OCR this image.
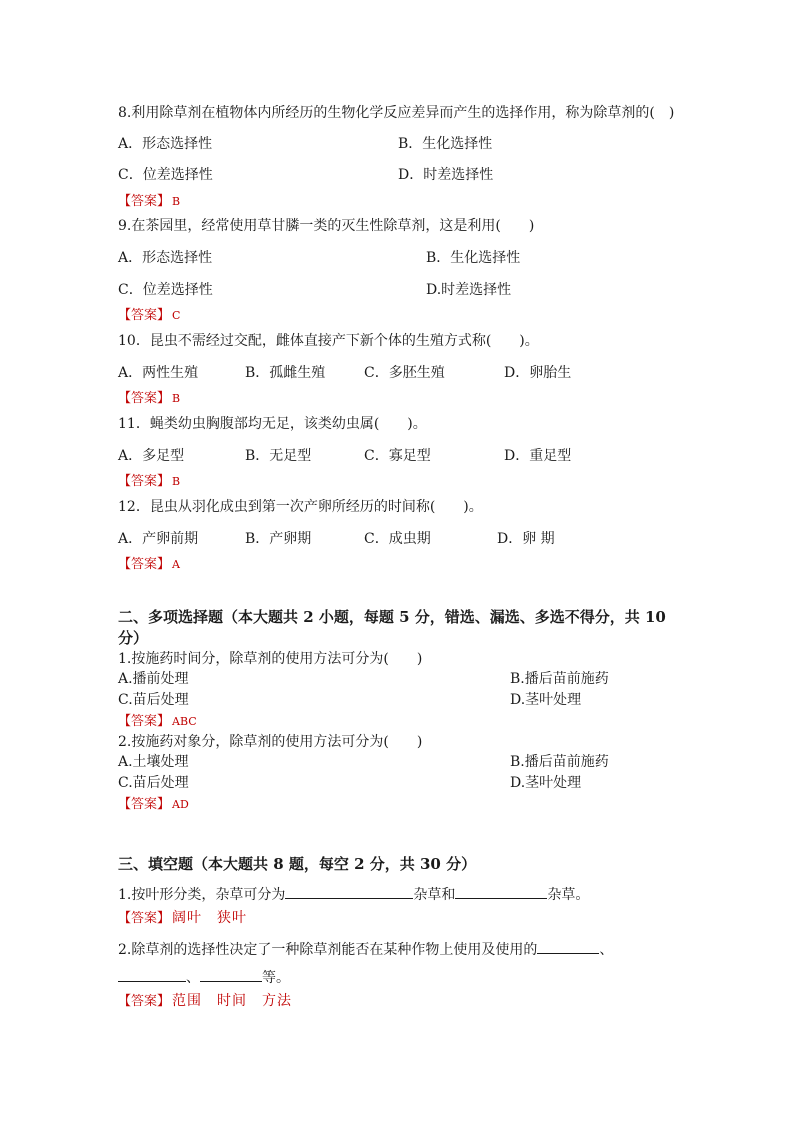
8.利用除草剂在植物体内所经历的生物化学反应差异而产生的选择作用，称为除草剂的(　)
A．形态选择性	B．生化选择性
C．位差选择性	D．时差选择性
【答案】 B
9.在茶园里，经常使用草甘膦一类的灭生性除草剂，这是利用(　　)
A．形态选择性	B．生化选择性
C．位差选择性	D.时差选择性
【答案】 C
10．昆虫不需经过交配，雌体直接产下新个体的生殖方式称(　　)。
A．两性生殖	B．孤雌生殖	C．多胚生殖	D．卵胎生
【答案】 B
11．蝇类幼虫胸腹部均无足，该类幼虫属(　　)。
A．多足型	B．无足型	C．寡足型	D．重足型
【答案】 B
12．昆虫从羽化成虫到第一次产卵所经历的时间称(　　)。
A．产卵前期	B．产卵期	C．成虫期	D．卵 期
【答案】 A
二、多项选择题（本大题共 2 小题，每题 5 分，错选、漏选、多选不得分，共 10
分）
1.按施药时间分，除草剂的使用方法可分为(　　)
A.播前处理	B.播后苗前施药
C.苗后处理	D.茎叶处理
【答案】 ABC
2.按施药对象分，除草剂的使用方法可分为(　　)
A.土壤处理	B.播后苗前施药
C.苗后处理	D.茎叶处理
【答案】 AD
三、填空题（本大题共 8 题，每空 2 分，共 30 分）
1.按叶形分类，杂草可分为	杂草和	杂草。
【答案】 阔叶　狭叶
2.除草剂的选择性决定了一种除草剂能否在某种作物上使用及使用的	、
、	等。
【答案】 范围　时间　方法
